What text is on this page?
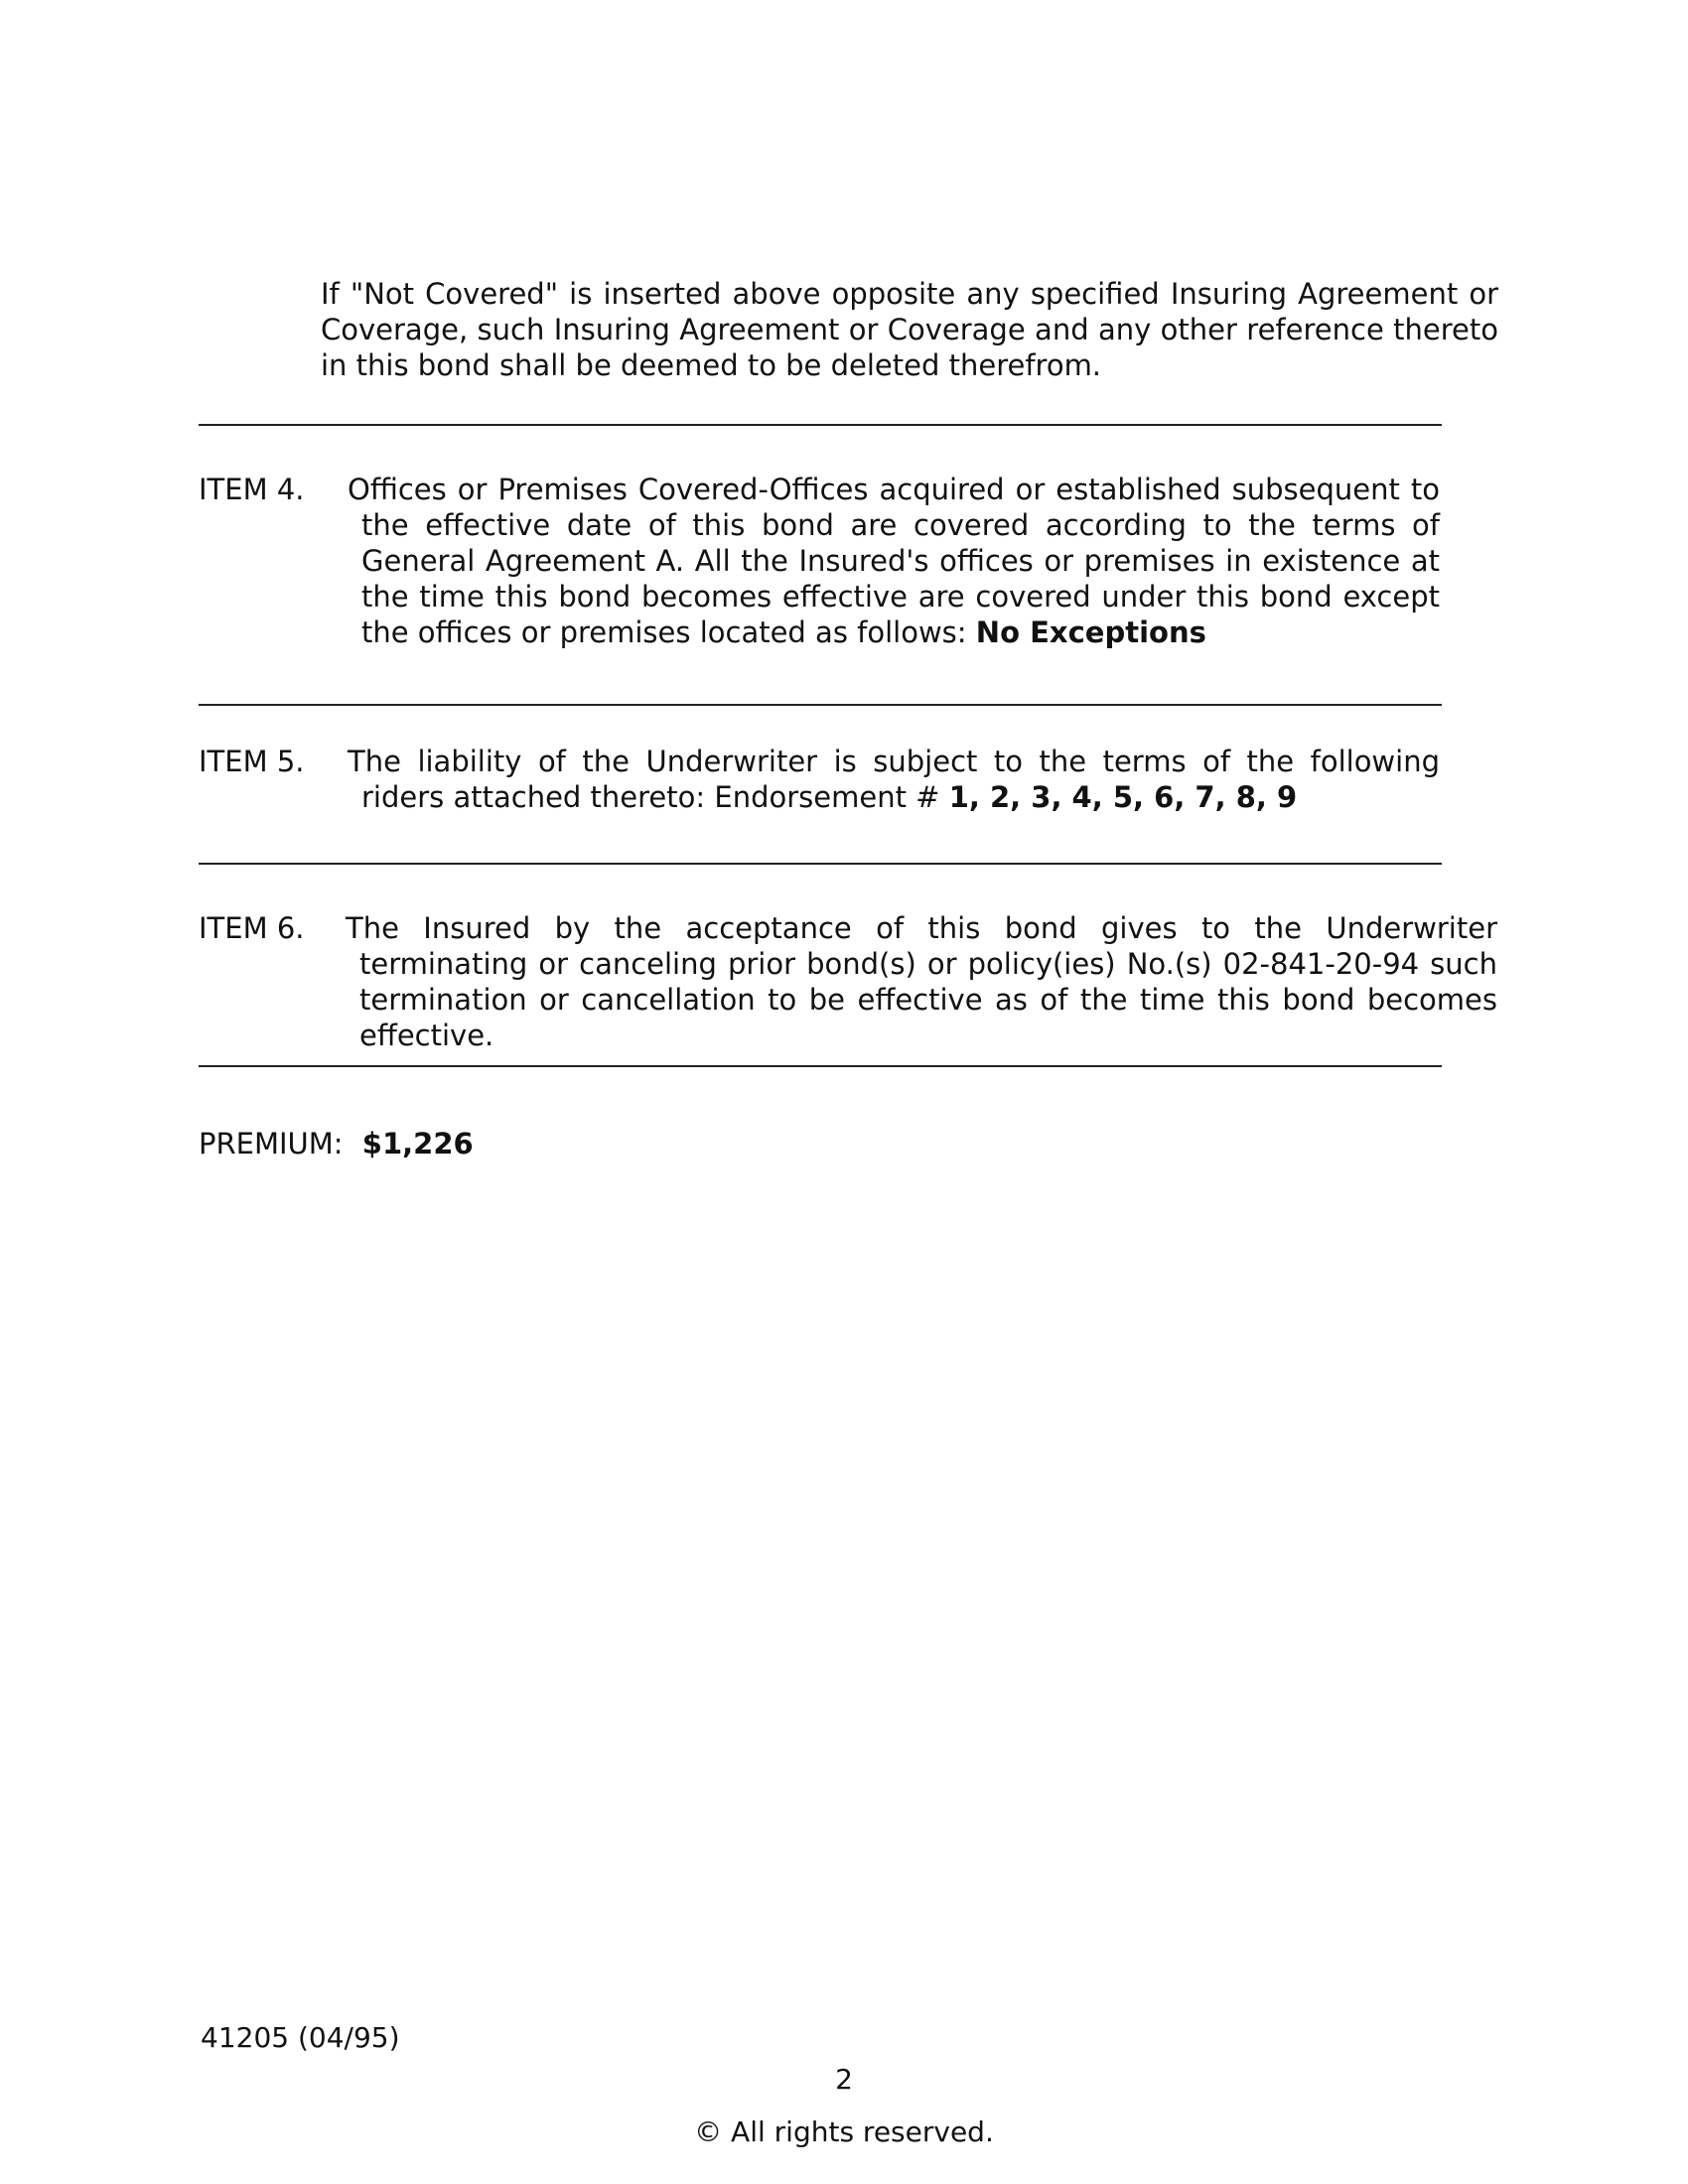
If "Not Covered" is inserted above opposite any specified Insuring Agreement or Coverage, such Insuring Agreement or Coverage and any other reference thereto in this bond shall be deemed to be deleted therefrom.
ITEM 4. Offices or Premises Covered-Offices acquired or established subsequent to the effective date of this bond are covered according to the terms of General Agreement A. All the Insured's offices or premises in existence at the time this bond becomes effective are covered under this bond except the offices or premises located as follows: No Exceptions
ITEM 5. The liability of the Underwriter is subject to the terms of the following riders attached thereto: Endorsement # 1, 2, 3, 4, 5, 6, 7, 8, 9
ITEM 6. The Insured by the acceptance of this bond gives to the Underwriter terminating or canceling prior bond(s) or policy(ies) No.(s) 02-841-20-94 such termination or cancellation to be effective as of the time this bond becomes effective.
PREMIUM: $1,226
41205 (04/95)
2
© All rights reserved.
